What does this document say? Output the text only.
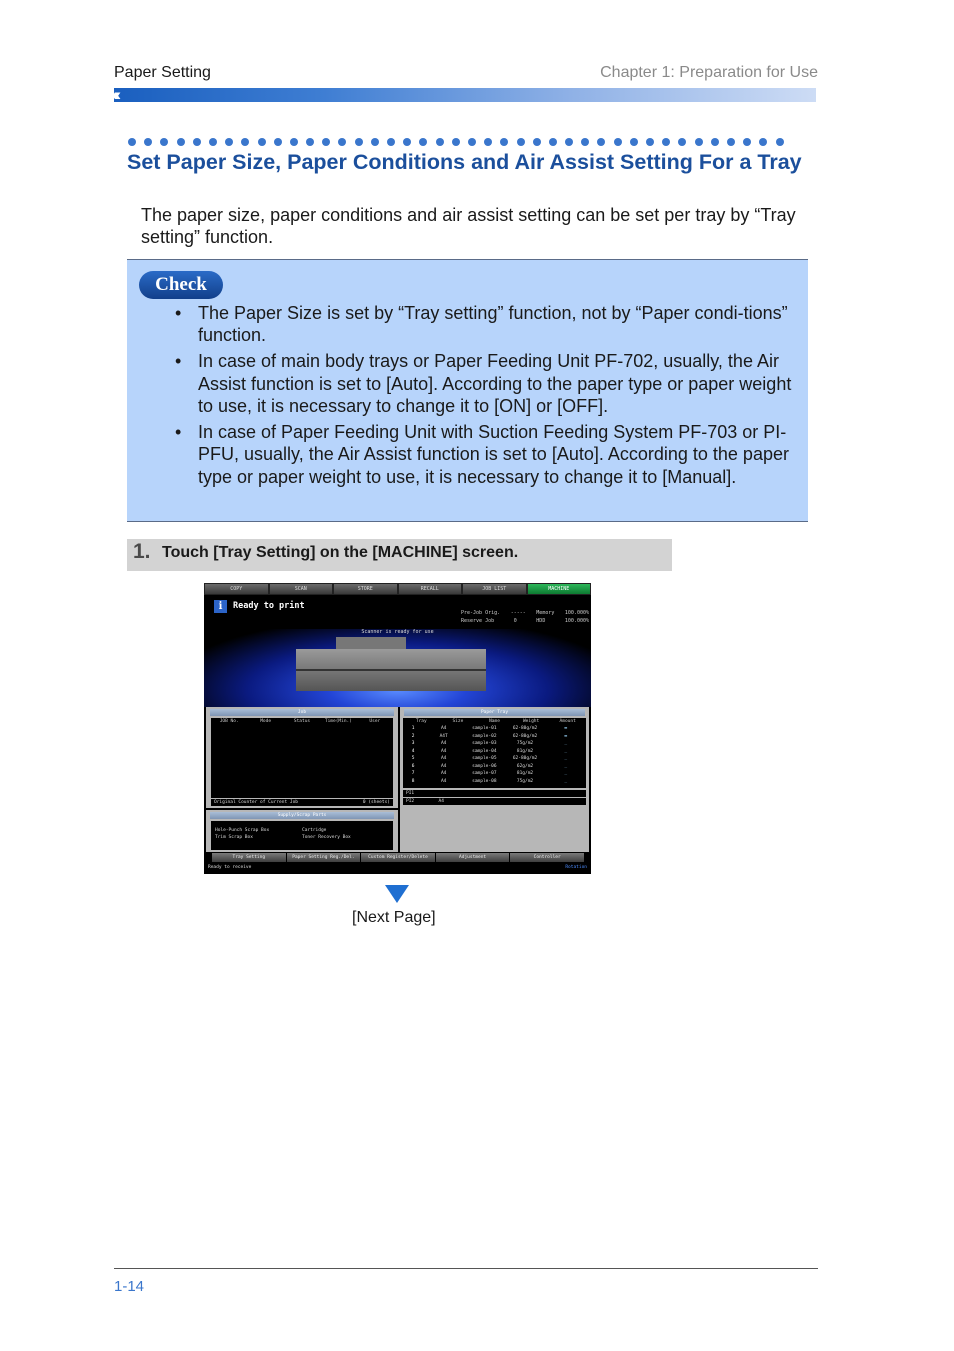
Paper Setting	Chapter 1: Preparation for Use
‹‹‹
Set Paper Size, Paper Conditions and Air Assist Setting For a Tray
The paper size, paper conditions and air assist setting can be set per tray by “Tray setting” function.
Check
• The Paper Size is set by “Tray setting” function, not by “Paper condi-tions” function.
• In case of main body trays or Paper Feeding Unit PF-702, usually, the Air Assist function is set to [Auto]. According to the paper type or paper weight to use, it is necessary to change it to [ON] or [OFF].
• In case of Paper Feeding Unit with Suction Feeding System PF-703 or PI-PFU, usually, the Air Assist function is set to [Auto]. According to the paper type or paper weight to use, it is necessary to change it to [Manual].
1. Touch [Tray Setting] on the [MACHINE] screen.
COPY	SCAN	STORE	RECALL	JOB LIST	MACHINE
i	Ready to print
Pre-Job Orig. ----- Memory 100.000%
Reserve Job	0	HDD	100.000%
Scanner is ready for use
Job
JOB No.	Mode	Status	Time(Min.)	User
Original Counter of Current Job	0 (sheets)
Supply/Scrap Parts
Hole-Punch Scrap Box	Cartridge
Trim Scrap Box	Toner Recovery Box
Paper Tray
Tray	Size	Name	Weight	Amount
1	A4	sample-01	62-80g/m2	▬
2	A4T	sample-02	62-80g/m2	▬
3	A4	sample-03	75g/m2	_
4	A4	sample-04	81g/m2	_
5	A4	sample-05	62-80g/m2	_
6	A4	sample-06	62g/m2	_
7	A4	sample-07	81g/m2	_
8	A4	sample-08	75g/m2	_
PI1
PI2	A4
Tray Setting	Paper Setting Reg./Del.	Custom Register/Delete	Adjustment	Controller
Ready to receive	Rotation
[Next Page]
1-14
